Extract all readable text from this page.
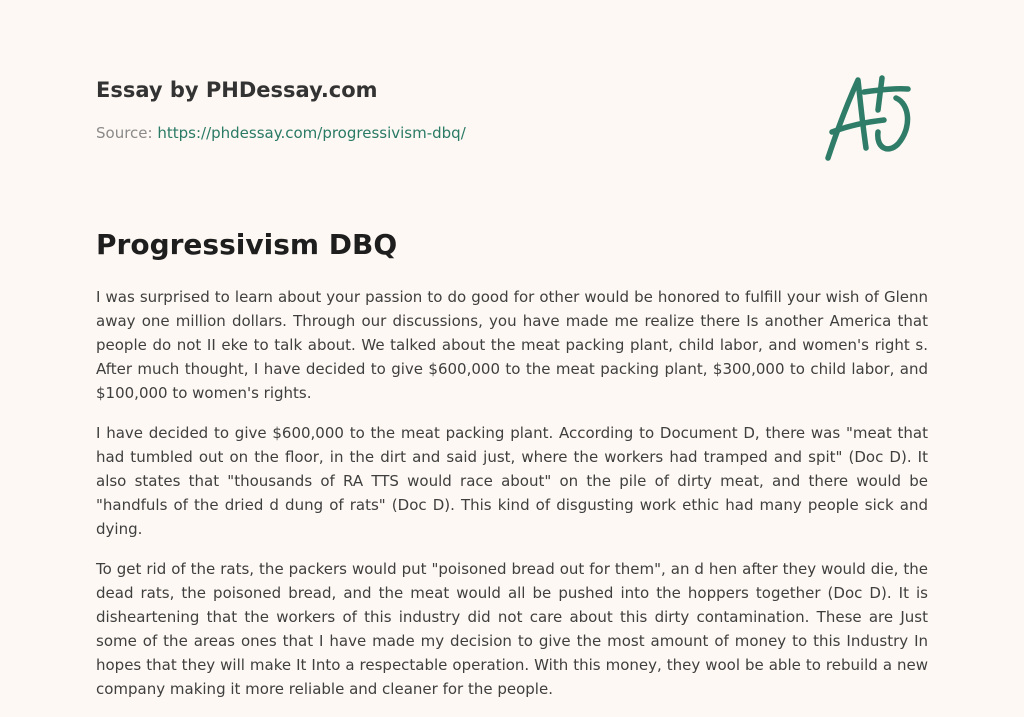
Essay by PHDessay.com
Source: https://phdessay.com/progressivism-dbq/
Progressivism DBQ

I was surprised to learn about your passion to do good for other would be honored to fulfill your wish of Glenn away one million dollars. Through our discussions, you have made me realize there Is another America that people do not II eke to talk about. We talked about the meat packing plant, child labor, and women's right s. After much thought, I have decided to give $600,000 to the meat packing plant, $300,000 to child labor, and $100,000 to women's rights.

I have decided to give $600,000 to the meat packing plant. According to Document D, there was "meat that had tumbled out on the floor, in the dirt and said just, where the workers had tramped and spit" (Doc D). It also states that "thousands of RA TTS would race about" on the pile of dirty meat, and there would be "handfuls of the dried d dung of rats" (Doc D). This kind of disgusting work ethic had many people sick and dying.

To get rid of the rats, the packers would put "poisoned bread out for them", an d hen after they would die, the dead rats, the poisoned bread, and the meat would all be pushed into the hoppers together (Doc D). It is disheartening that the workers of this industry did not care about this dirty contamination. These are Just some of the areas ones that I have made my decision to give the most amount of money to this Industry In hopes that they will make It Into a respectable operation. With this money, they wool be able to rebuild a new company making it more reliable and cleaner for the people.
